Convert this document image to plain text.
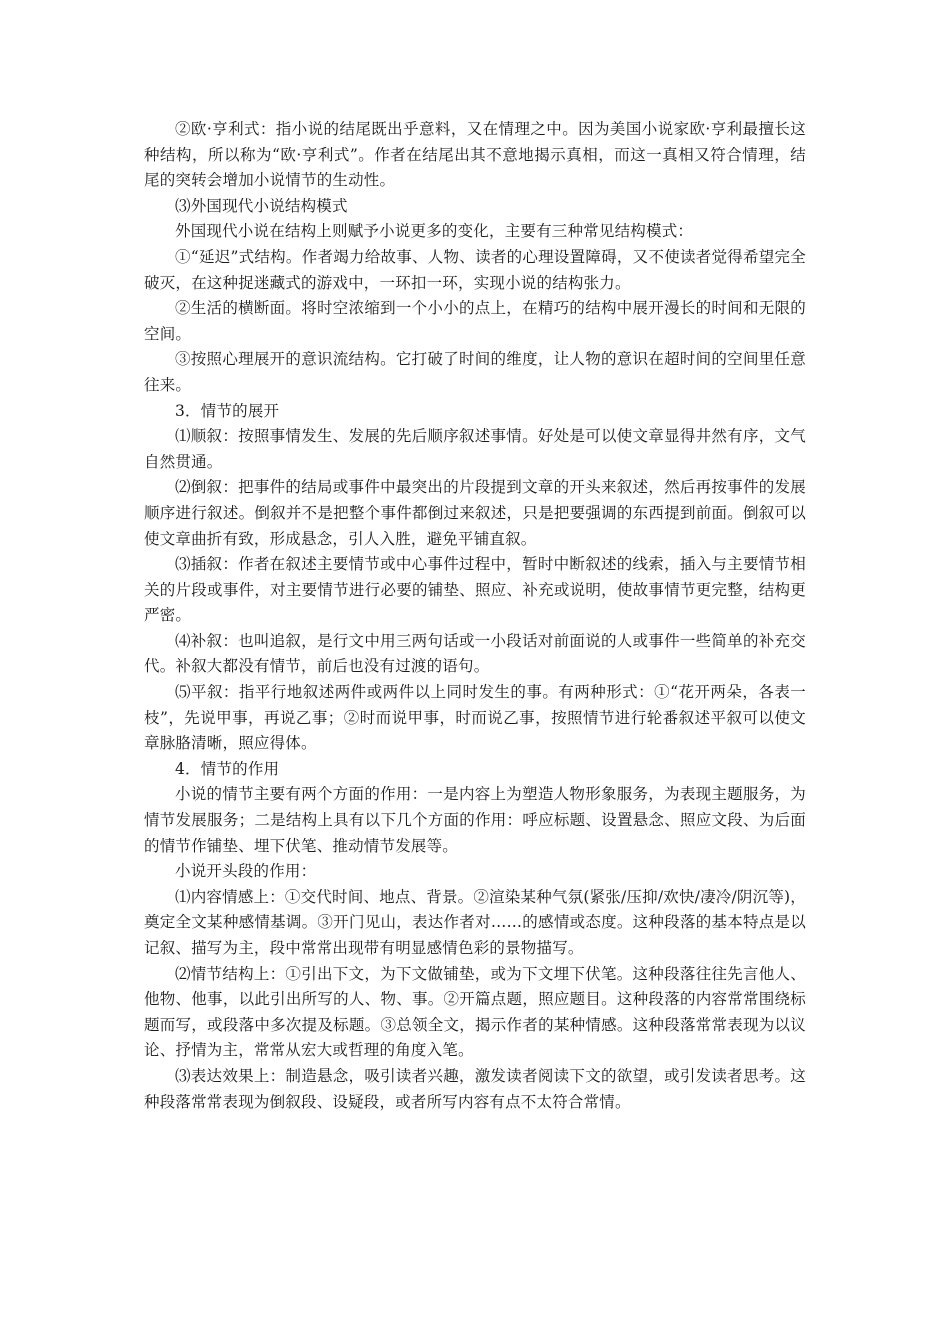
②欧·亨利式：指小说的结尾既出乎意料，又在情理之中。因为美国小说家欧·亨利最擅长这种结构，所以称为“欧·亨利式”。作者在结尾出其不意地揭示真相，而这一真相又符合情理，结尾的突转会增加小说情节的生动性。

⑶外国现代小说结构模式

外国现代小说在结构上则赋予小说更多的变化，主要有三种常见结构模式：

①“延迟”式结构。作者竭力给故事、人物、读者的心理设置障碍，又不使读者觉得希望完全破灭，在这种捉迷藏式的游戏中，一环扣一环，实现小说的结构张力。

②生活的横断面。将时空浓缩到一个小小的点上，在精巧的结构中展开漫长的时间和无限的空间。

③按照心理展开的意识流结构。它打破了时间的维度，让人物的意识在超时间的空间里任意往来。

3．情节的展开

⑴顺叙：按照事情发生、发展的先后顺序叙述事情。好处是可以使文章显得井然有序，文气自然贯通。

⑵倒叙：把事件的结局或事件中最突出的片段提到文章的开头来叙述，然后再按事件的发展顺序进行叙述。倒叙并不是把整个事件都倒过来叙述，只是把要强调的东西提到前面。倒叙可以使文章曲折有致，形成悬念，引人入胜，避免平铺直叙。

⑶插叙：作者在叙述主要情节或中心事件过程中，暂时中断叙述的线索，插入与主要情节相关的片段或事件，对主要情节进行必要的铺垫、照应、补充或说明，使故事情节更完整，结构更严密。

⑷补叙：也叫追叙，是行文中用三两句话或一小段话对前面说的人或事件一些简单的补充交代。补叙大都没有情节，前后也没有过渡的语句。

⑸平叙：指平行地叙述两件或两件以上同时发生的事。有两种形式：①“花开两朵，各表一枝”，先说甲事，再说乙事；②时而说甲事，时而说乙事，按照情节进行轮番叙述平叙可以使文章脉胳清晰，照应得体。

4．情节的作用

小说的情节主要有两个方面的作用：一是内容上为塑造人物形象服务，为表现主题服务，为情节发展服务；二是结构上具有以下几个方面的作用：呼应标题、设置悬念、照应文段、为后面的情节作铺垫、埋下伏笔、推动情节发展等。

小说开头段的作用：

⑴内容情感上：①交代时间、地点、背景。②渲染某种气氛(紧张/压抑/欢快/凄冷/阴沉等)，奠定全文某种感情基调。③开门见山，表达作者对……的感情或态度。这种段落的基本特点是以记叙、描写为主，段中常常出现带有明显感情色彩的景物描写。

⑵情节结构上：①引出下文，为下文做铺垫，或为下文埋下伏笔。这种段落往往先言他人、他物、他事，以此引出所写的人、物、事。②开篇点题，照应题目。这种段落的内容常常围绕标题而写，或段落中多次提及标题。③总领全文，揭示作者的某种情感。这种段落常常表现为以议论、抒情为主，常常从宏大或哲理的角度入笔。

⑶表达效果上：制造悬念，吸引读者兴趣，激发读者阅读下文的欲望，或引发读者思考。这种段落常常表现为倒叙段、设疑段，或者所写内容有点不太符合常情。
